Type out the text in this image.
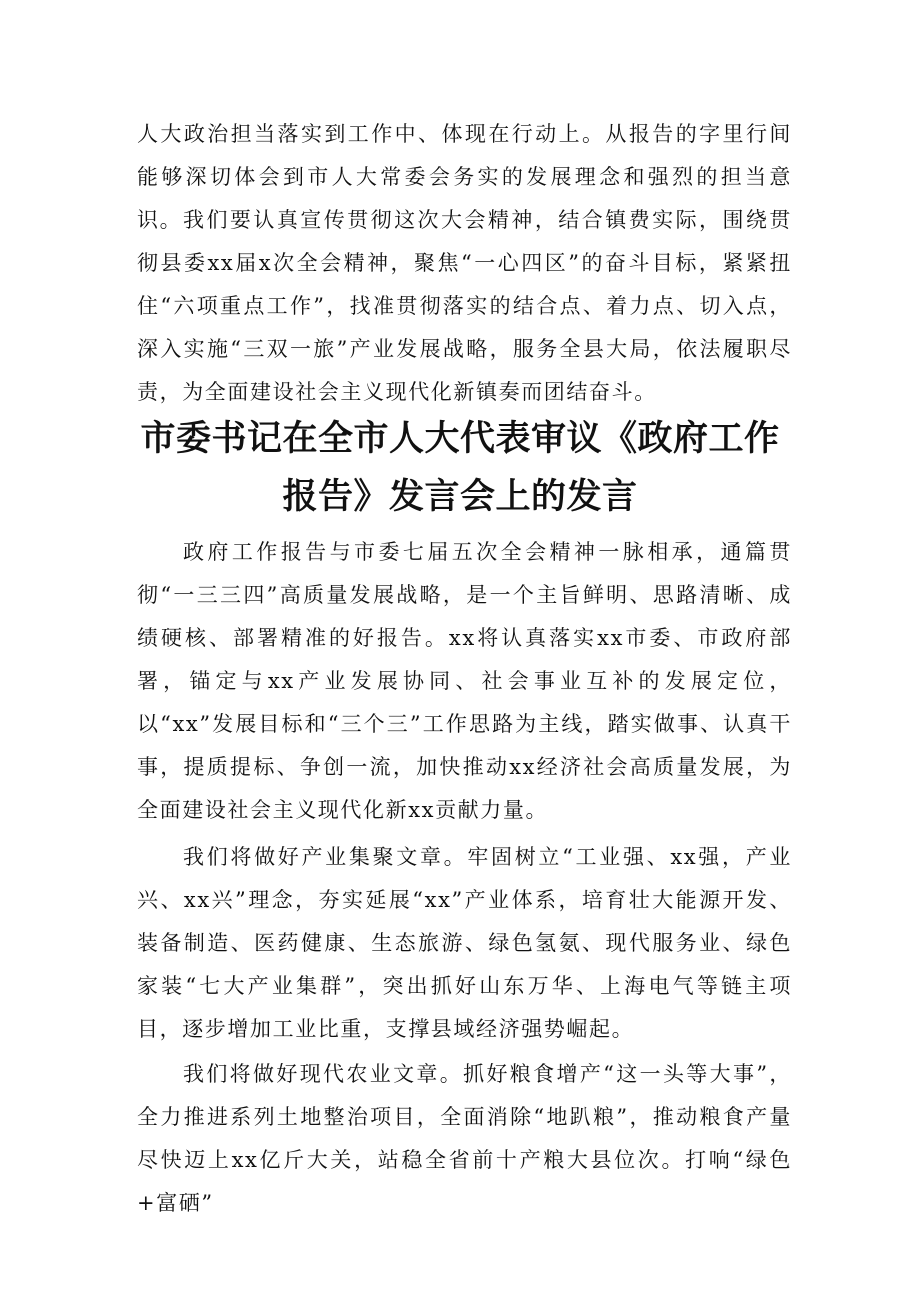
人大政治担当落实到工作中、体现在行动上。从报告的字里行间能够深切体会到市人大常委会务实的发展理念和强烈的担当意识。 我们要认真宣传贯彻这次大会精神，结合镇费实际，围绕贯彻县委xx届x次全会精神，聚焦“一心四区”的奋斗目标，紧紧扭住“六项重点工作”，找准贯彻落实的结合点、着力点、切入点，深入实施“三双一旅”产业发展战略，服务全县大局，依法履职尽责，为全面建设社会主义现代化新镇奏而团结奋斗。

市委书记在全市人大代表审议《政府工作
报告》发言会上的发言

政府工作报告与市委七届五次全会精神一脉相承，通篇贯彻“一三三四”高质量发展战略，是一个主旨鲜明、思路清晰、成绩硬核、部署精准的好报告。xx将认真落实xx市委、市政府部署，锚定与xx产业发展协同、社会事业互补的发展定位，以“xx”发展目标和“三个三”工作思路为主线，踏实做事、认真干事，提质提标、争创一流，加快推动xx经济社会高质量发展，为全面建设社会主义现代化新xx贡献力量。

我们将做好产业集聚文章。牢固树立“工业强、xx强，产业兴、xx兴”理念，夯实延展“xx”产业体系，培育壮大能源开发、装备制造、医药健康、生态旅游、绿色氢氨、现代服务业、绿色家装“七大产业集群”，突出抓好山东万华、上海电气等链主项目，逐步增加工业比重，支撑县域经济强势崛起。

我们将做好现代农业文章。抓好粮食增产“这一头等大事”，全力推进系列土地整治项目，全面消除“地趴粮”，推动粮食产量尽快迈上xx亿斤大关，站稳全省前十产粮大县位次。打响“绿色+富硒”
